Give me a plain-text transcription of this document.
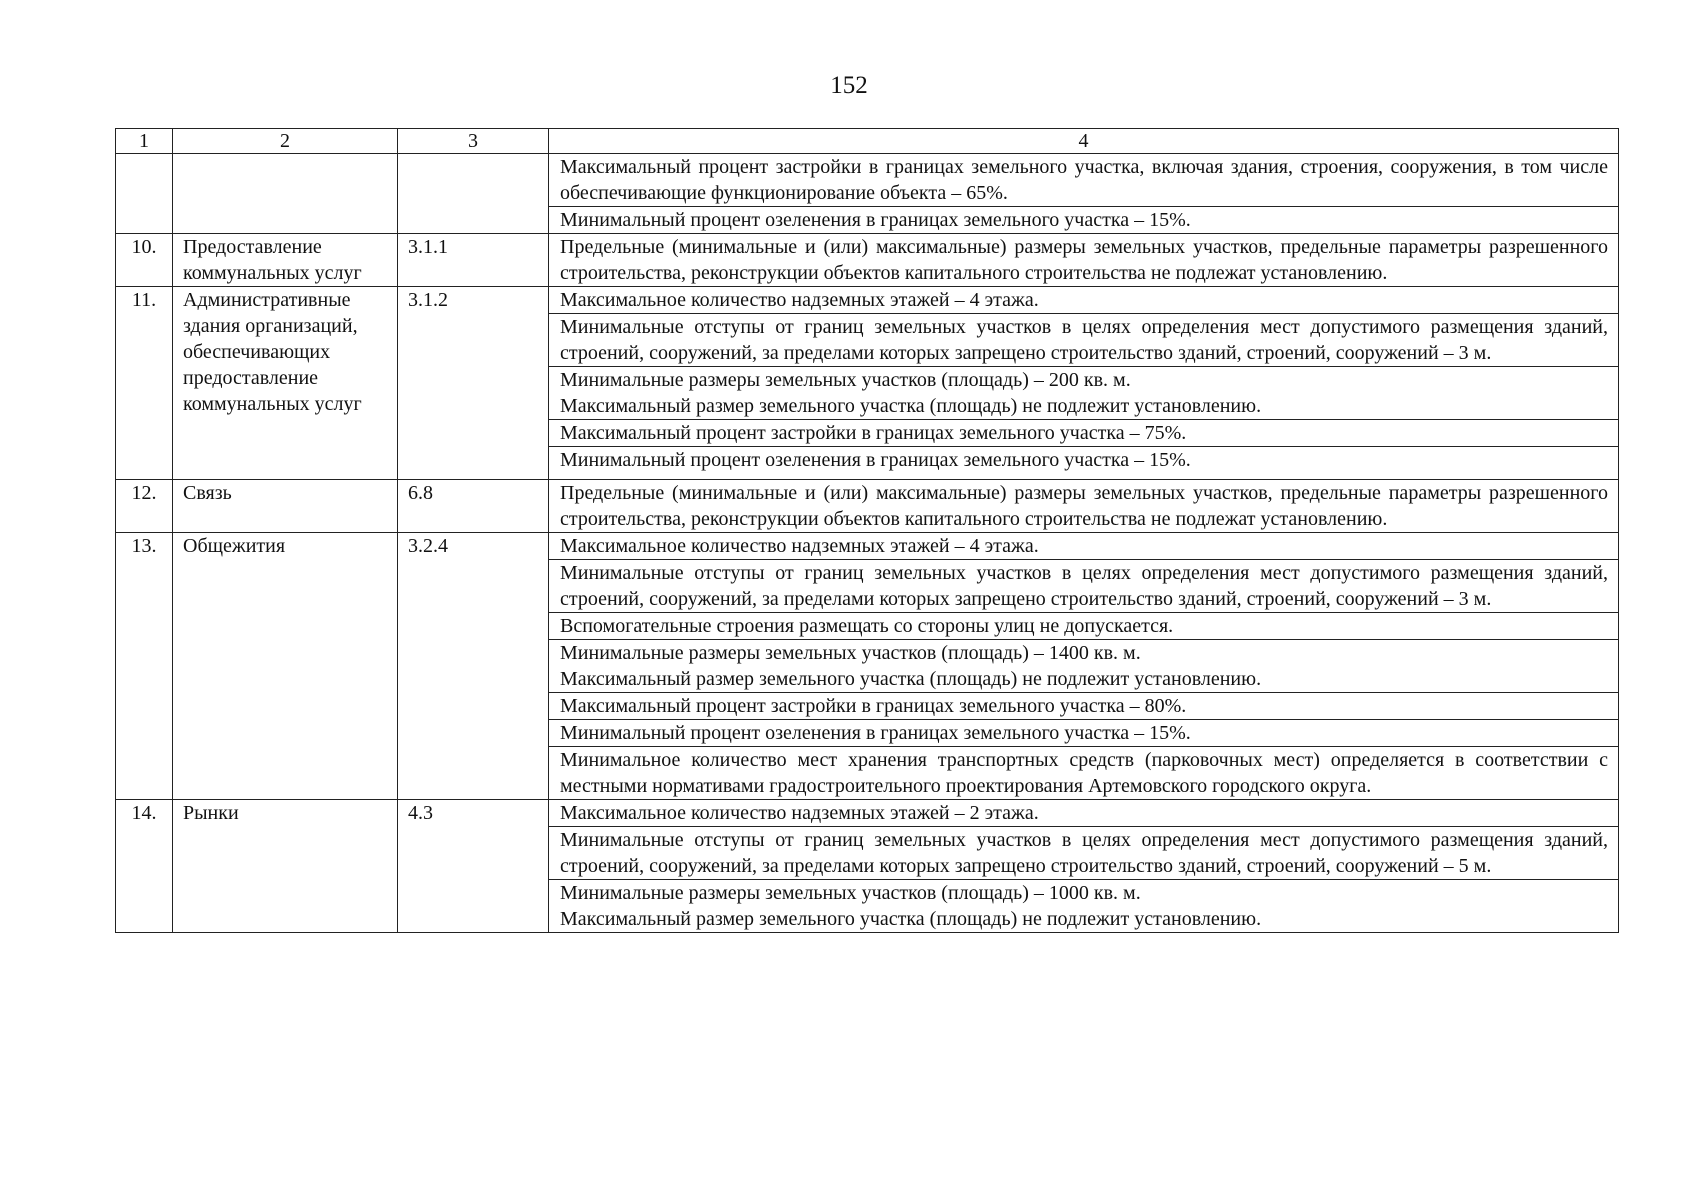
152
1	2	3	4

			Максимальный процент застройки в границах земельного участка, включая здания, строения, сооружения, в том числе обеспечивающие функционирование объекта – 65%.

			Минимальный процент озеленения в границах земельного участка – 15%.

10.	Предоставление коммунальных услуг	3.1.1	Предельные (минимальные и (или) максимальные) размеры земельных участков, предельные параметры разрешенного строительства, реконструкции объектов капитального строительства не подлежат установлению.

11.	Административные здания организаций, обеспечивающих предоставление коммунальных услуг	3.1.2	Максимальное количество надземных этажей – 4 этажа.

			Минимальные отступы от границ земельных участков в целях определения мест допустимого размещения зданий, строений, сооружений, за пределами которых запрещено строительство зданий, строений, сооружений – 3 м.

			Минимальные размеры земельных участков (площадь) – 200 кв. м.
Максимальный размер земельного участка (площадь) не подлежит установлению.

			Максимальный процент застройки в границах земельного участка – 75%.

			Минимальный процент озеленения в границах земельного участка – 15%.

12.	Связь	6.8	Предельные (минимальные и (или) максимальные) размеры земельных участков, предельные параметры разрешенного строительства, реконструкции объектов капитального строительства не подлежат установлению.

13.	Общежития	3.2.4	Максимальное количество надземных этажей – 4 этажа.

			Минимальные отступы от границ земельных участков в целях определения мест допустимого размещения зданий, строений, сооружений, за пределами которых запрещено строительство зданий, строений, сооружений – 3 м.

			Вспомогательные строения размещать со стороны улиц не допускается.

			Минимальные размеры земельных участков (площадь) – 1400 кв. м.
Максимальный размер земельного участка (площадь) не подлежит установлению.

			Максимальный процент застройки в границах земельного участка – 80%.

			Минимальный процент озеленения в границах земельного участка – 15%.

			Минимальное количество мест хранения транспортных средств (парковочных мест) определяется в соответствии с местными нормативами градостроительного проектирования Артемовского городского округа.

14.	Рынки	4.3	Максимальное количество надземных этажей – 2 этажа.

			Минимальные отступы от границ земельных участков в целях определения мест допустимого размещения зданий, строений, сооружений, за пределами которых запрещено строительство зданий, строений, сооружений – 5 м.

			Минимальные размеры земельных участков (площадь) – 1000 кв. м.
Максимальный размер земельного участка (площадь) не подлежит установлению.
